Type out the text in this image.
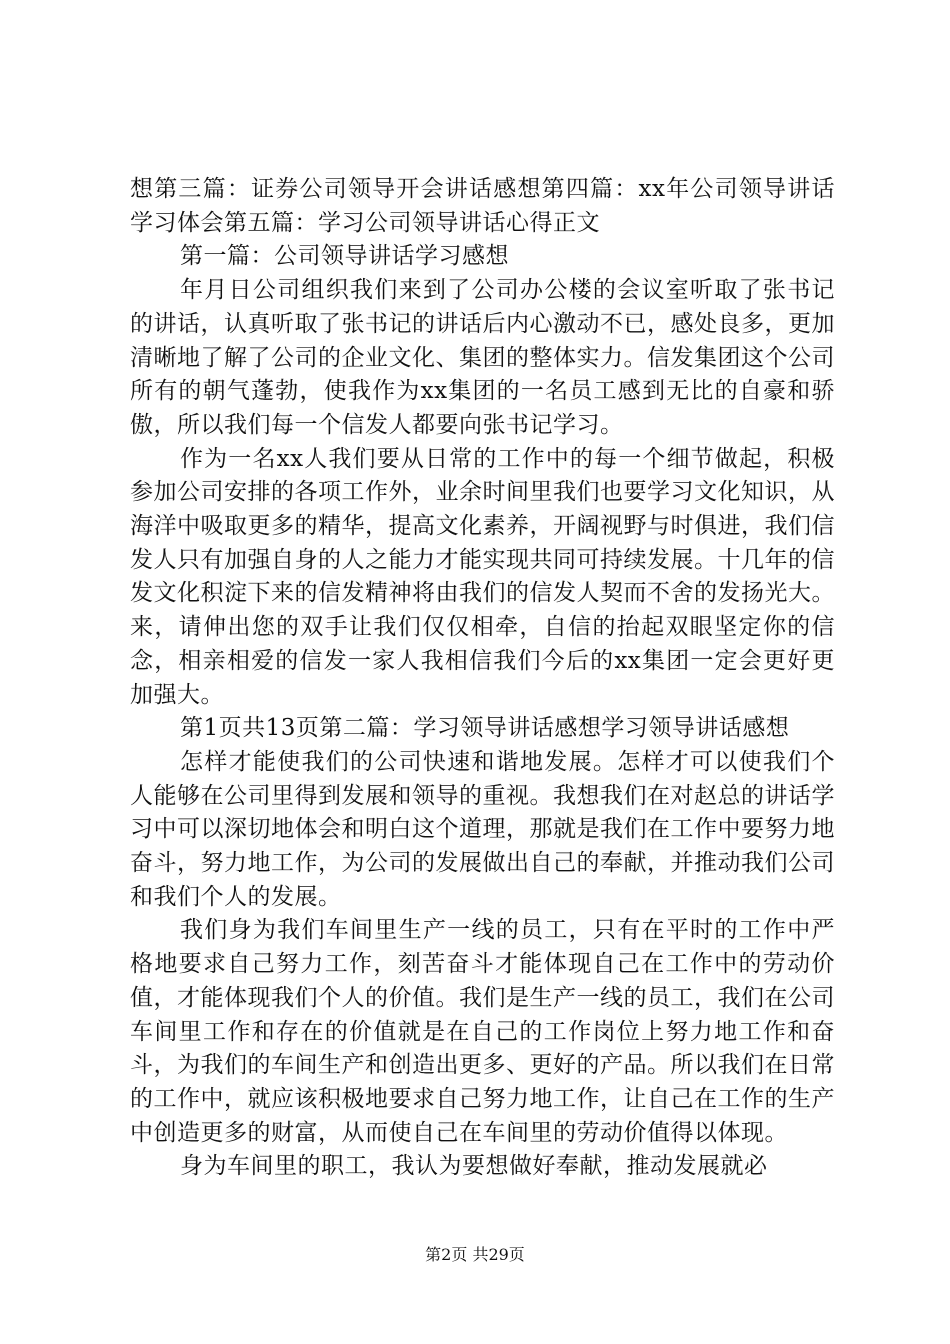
想第三篇：证券公司领导开会讲话感想第四篇：xx年公司领导讲话学习体会第五篇：学习公司领导讲话心得正文

第一篇：公司领导讲话学习感想

年月日公司组织我们来到了公司办公楼的会议室听取了张书记的讲话，认真听取了张书记的讲话后内心激动不已，感处良多，更加清晰地了解了公司的企业文化、集团的整体实力。信发集团这个公司所有的朝气蓬勃，使我作为xx集团的一名员工感到无比的自豪和骄傲，所以我们每一个信发人都要向张书记学习。

作为一名xx人我们要从日常的工作中的每一个细节做起，积极参加公司安排的各项工作外，业余时间里我们也要学习文化知识，从海洋中吸取更多的精华，提高文化素养，开阔视野与时俱进，我们信发人只有加强自身的人之能力才能实现共同可持续发展。十几年的信发文化积淀下来的信发精神将由我们的信发人契而不舍的发扬光大。来，请伸出您的双手让我们仅仅相牵，自信的抬起双眼坚定你的信念，相亲相爱的信发一家人我相信我们今后的xx集团一定会更好更加强大。

第1页共13页第二篇：学习领导讲话感想学习领导讲话感想

怎样才能使我们的公司快速和谐地发展。怎样才可以使我们个人能够在公司里得到发展和领导的重视。我想我们在对赵总的讲话学习中可以深切地体会和明白这个道理，那就是我们在工作中要努力地奋斗，努力地工作，为公司的发展做出自己的奉献，并推动我们公司和我们个人的发展。

我们身为我们车间里生产一线的员工，只有在平时的工作中严格地要求自己努力工作，刻苦奋斗才能体现自己在工作中的劳动价值，才能体现我们个人的价值。我们是生产一线的员工，我们在公司车间里工作和存在的价值就是在自己的工作岗位上努力地工作和奋斗，为我们的车间生产和创造出更多、更好的产品。所以我们在日常的工作中，就应该积极地要求自己努力地工作，让自己在工作的生产中创造更多的财富，从而使自己在车间里的劳动价值得以体现。

身为车间里的职工，我认为要想做好奉献，推动发展就必

第2页 共29页
